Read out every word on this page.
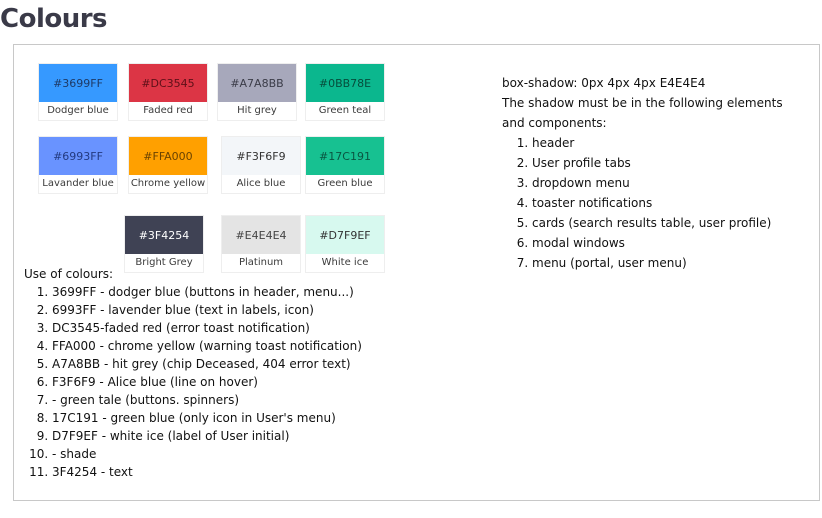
Colours
#3699FF
Dodger blue
#DC3545
Faded red
#A7A8BB
Hit grey
#0BB78E
Green teal
#6993FF
Lavander blue
#FFA000
Chrome yellow
#F3F6F9
Alice blue
#17C191
Green blue
#3F4254
Bright Grey
#E4E4E4
Platinum
#D7F9EF
White ice

Use of colours:

1. 3699FF - dodger blue (buttons in header, menu...)
2. 6993FF - lavender blue (text in labels, icon)
3. DC3545-faded red (error toast notification)
4. FFA000 - chrome yellow (warning toast notification)
5. A7A8BB - hit grey (chip Deceased, 404 error text)
6. F3F6F9 - Alice blue (line on hover)
7. - green tale (buttons. spinners)
8. 17C191 - green blue (only icon in User's menu)
9. D7F9EF - white ice (label of User initial)
10. - shade
11. 3F4254 - text

box-shadow: 0px 4px 4px E4E4E4

The shadow must be in the following elements and components:

1. header
2. User profile tabs
3. dropdown menu
4. toaster notifications
5. cards (search results table, user profile)
6. modal windows
7. menu (portal, user menu)
